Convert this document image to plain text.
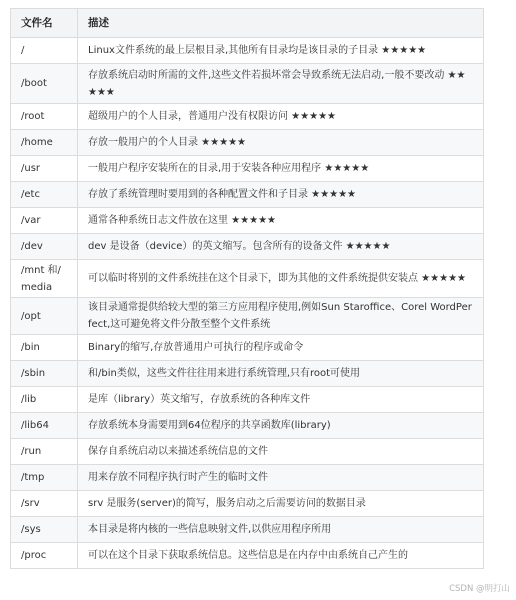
文件名	描述
/	Linux文件系统的最上层根目录,其他所有目录均是该目录的子目录 ★★★★★
/boot	存放系统启动时所需的文件,这些文件若损坏常会导致系统无法启动,一般不要改动 ★★★★★
/root	超级用户的个人目录，普通用户没有权限访问 ★★★★★
/home	存放一般用户的个人目录 ★★★★★
/usr	一般用户程序安装所在的目录,用于安装各种应用程序 ★★★★★
/etc	存放了系统管理时要用到的各种配置文件和子目录 ★★★★★
/var	通常各种系统日志文件放在这里 ★★★★★
/dev	dev 是设备（device）的英文缩写。包含所有的设备文件 ★★★★★
/mnt 和/media	可以临时将别的文件系统挂在这个目录下，即为其他的文件系统提供安装点 ★★★★★
/opt	该目录通常提供给较大型的第三方应用程序使用,例如Sun Staroffice、Corel WordPerfect,这可避免将文件分散至整个文件系统
/bin	Binary的缩写,存放普通用户可执行的程序或命令
/sbin	和/bin类似，这些文件往往用来进行系统管理,只有root可使用
/lib	是库（library）英文缩写，存放系统的各种库文件
/lib64	存放系统本身需要用到64位程序的共享函数库(library)
/run	保存自系统启动以来描述系统信息的文件
/tmp	用来存放不同程序执行时产生的临时文件
/srv	srv 是服务(server)的简写，服务启动之后需要访问的数据目录
/sys	本目录是将内核的一些信息映射文件,以供应用程序所用
/proc	可以在这个目录下获取系统信息。这些信息是在内存中由系统自己产生的
CSDN @明打山
